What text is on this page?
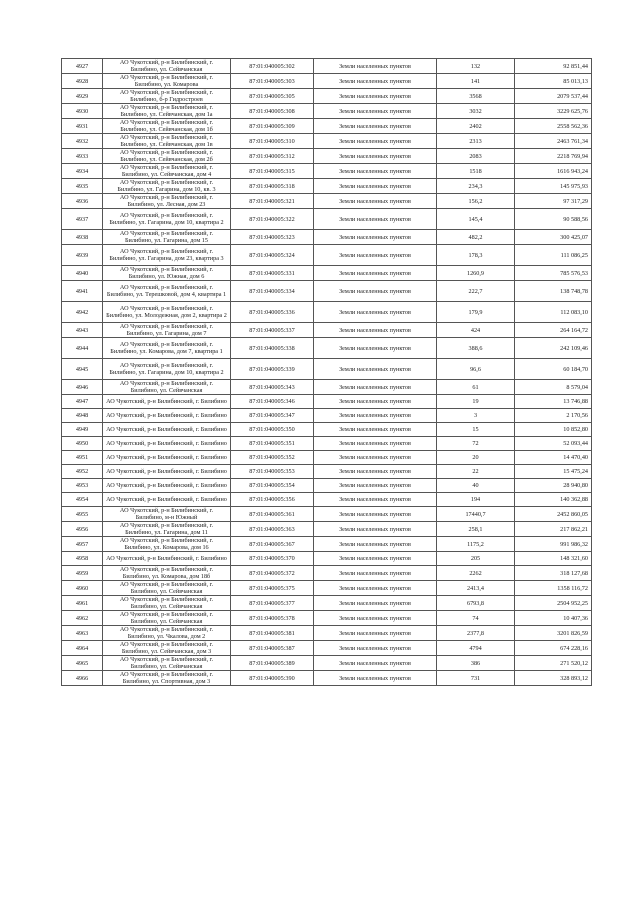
4927	АО Чукотский, р-н Билибинский, г. Билибино, ул. Сейвчанская	87:01:040005:302	Земли населенных пунктов	132	92 851,44
4928	АО Чукотский, р-н Билибинский, г. Билибино, ул. Комарова	87:01:040005:303	Земли населенных пунктов	141	85 013,13
4929	АО Чукотский, р-н Билибинский, г. Билибино, б-р Гидростроев	87:01:040005:305	Земли населенных пунктов	3568	2079 537,44
4930	АО Чукотский, р-н Билибинский, г. Билибино, ул. Сейвчанская, дом 1а	87:01:040005:308	Земли населенных пунктов	3032	3229 625,76
4931	АО Чукотский, р-н Билибинский, г. Билибино, ул. Сейвчанская, дом 1б	87:01:040005:309	Земли населенных пунктов	2402	2558 562,36
4932	АО Чукотский, р-н Билибинский, г. Билибино, ул. Сейвчанская, дом 1в	87:01:040005:310	Земли населенных пунктов	2313	2463 761,34
4933	АО Чукотский, р-н Билибинский, г. Билибино, ул. Сейвчанская, дом 2б	87:01:040005:312	Земли населенных пунктов	2083	2218 769,94
4934	АО Чукотский, р-н Билибинский, г. Билибино, ул. Сейвчанская, дом 4	87:01:040005:315	Земли населенных пунктов	1518	1616 943,24
4935	АО Чукотский, р-н Билибинский, г. Билибино, ул. Гагарина, дом 10, кв. 3	87:01:040005:318	Земли населенных пунктов	234,3	145 975,93
4936	АО Чукотский, р-н Билибинский, г. Билибино, ул. Лесная, дом 23	87:01:040005:321	Земли населенных пунктов	156,2	97 317,29
4937	АО Чукотский, р-н Билибинский, г. Билибино, ул. Гагарина, дом 10, квартира 2	87:01:040005:322	Земли населенных пунктов	145,4	90 588,56
4938	АО Чукотский, р-н Билибинский, г. Билибино, ул. Гагарина, дом 15	87:01:040005:323	Земли населенных пунктов	482,2	300 425,07
4939	АО Чукотский, р-н Билибинский, г. Билибино, ул. Гагарина, дом 23, квартира 3	87:01:040005:324	Земли населенных пунктов	178,3	111 086,25
4940	АО Чукотский, р-н Билибинский, г. Билибино, ул. Южная, дом 6	87:01:040005:331	Земли населенных пунктов	1260,9	785 576,53
4941	АО Чукотский, р-н Билибинский, г. Билибино, ул. Терешковой, дом 4, квартира 1	87:01:040005:334	Земли населенных пунктов	222,7	138 748,78
4942	АО Чукотский, р-н Билибинский, г. Билибино, ул. Молодежная, дом 2, квартира 2	87:01:040005:336	Земли населенных пунктов	179,9	112 083,10
4943	АО Чукотский, р-н Билибинский, г. Билибино, ул. Гагарина, дом 7	87:01:040005:337	Земли населенных пунктов	424	264 164,72
4944	АО Чукотский, р-н Билибинский, г. Билибино, ул. Комарова, дом 7, квартира 1	87:01:040005:338	Земли населенных пунктов	388,6	242 109,46
4945	АО Чукотский, р-н Билибинский, г. Билибино, ул. Гагарина, дом 10, квартира 2	87:01:040005:339	Земли населенных пунктов	96,6	60 184,70
4946	АО Чукотский, р-н Билибинский, г. Билибино, ул. Сейвчанская	87:01:040005:343	Земли населенных пунктов	61	8 579,04
4947	АО Чукотский, р-н Билибинский, г. Билибино	87:01:040005:346	Земли населенных пунктов	19	13 746,88
4948	АО Чукотский, р-н Билибинский, г. Билибино	87:01:040005:347	Земли населенных пунктов	3	2 170,56
4949	АО Чукотский, р-н Билибинский, г. Билибино	87:01:040005:350	Земли населенных пунктов	15	10 852,80
4950	АО Чукотский, р-н Билибинский, г. Билибино	87:01:040005:351	Земли населенных пунктов	72	52 093,44
4951	АО Чукотский, р-н Билибинский, г. Билибино	87:01:040005:352	Земли населенных пунктов	20	14 470,40
4952	АО Чукотский, р-н Билибинский, г. Билибино	87:01:040005:353	Земли населенных пунктов	22	15 475,24
4953	АО Чукотский, р-н Билибинский, г. Билибино	87:01:040005:354	Земли населенных пунктов	40	28 940,80
4954	АО Чукотский, р-н Билибинский, г. Билибино	87:01:040005:356	Земли населенных пунктов	194	140 362,88
4955	АО Чукотский, р-н Билибинский, г. Билибино, м-н Южный	87:01:040005:361	Земли населенных пунктов	17440,7	2452 860,05
4956	АО Чукотский, р-н Билибинский, г. Билибино, ул. Гагарина, дом 11	87:01:040005:363	Земли населенных пунктов	258,1	217 862,21
4957	АО Чукотский, р-н Билибинский, г. Билибино, ул. Комарова, дом 16	87:01:040005:367	Земли населенных пунктов	1175,2	991 986,32
4958	АО Чукотский, р-н Билибинский, г. Билибино	87:01:040005:370	Земли населенных пунктов	205	148 321,60
4959	АО Чукотский, р-н Билибинский, г. Билибино, ул. Комарова, дом 18б	87:01:040005:372	Земли населенных пунктов	2262	318 127,68
4960	АО Чукотский, р-н Билибинский, г. Билибино, ул. Сейвчанская	87:01:040005:375	Земли населенных пунктов	2413,4	1358 116,72
4961	АО Чукотский, р-н Билибинский, г. Билибино, ул. Сейвчанская	87:01:040005:377	Земли населенных пунктов	6793,8	2504 952,25
4962	АО Чукотский, р-н Билибинский, г. Билибино, ул. Сейвчанская	87:01:040005:378	Земли населенных пунктов	74	10 407,36
4963	АО Чукотский, р-н Билибинский, г. Билибино, ул. Чкалова, дом 2	87:01:040005:381	Земли населенных пунктов	2377,8	3201 826,59
4964	АО Чукотский, р-н Билибинский, г. Билибино, ул. Сейвчанская, дом 3	87:01:040005:387	Земли населенных пунктов	4794	674 228,16
4965	АО Чукотский, р-н Билибинский, г. Билибино, ул. Сейвчанская	87:01:040005:389	Земли населенных пунктов	386	271 520,12
4966	АО Чукотский, р-н Билибинский, г. Билибино, ул. Спортивная, дом 3	87:01:040005:390	Земли населенных пунктов	731	328 893,12
